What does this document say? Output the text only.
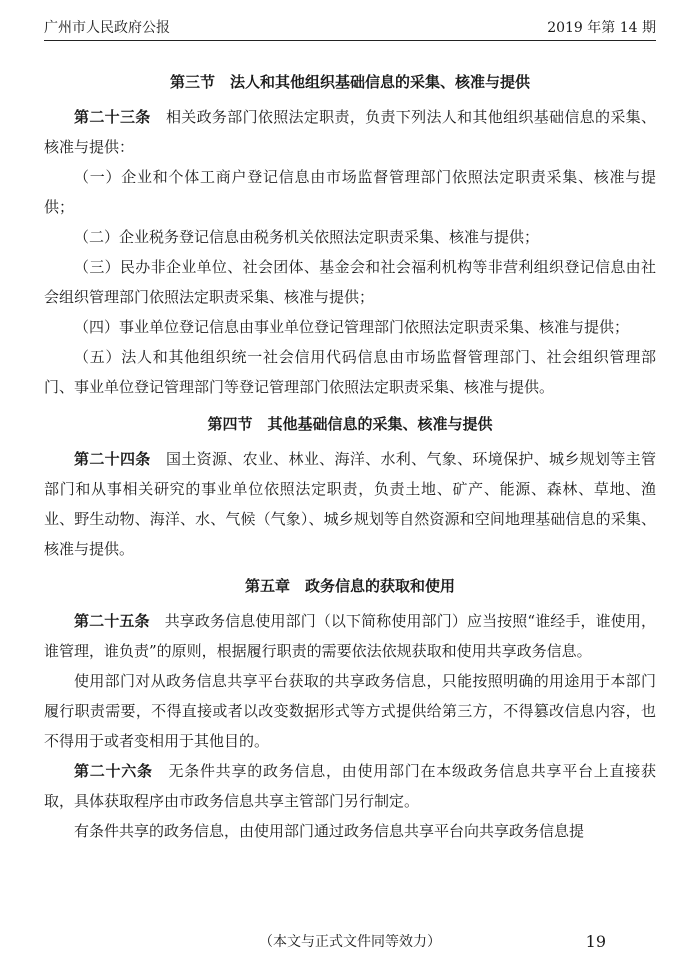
广州市人民政府公报	2019 年第 14 期
第三节　法人和其他组织基础信息的采集、核准与提供

第二十三条　相关政务部门依照法定职责，负责下列法人和其他组织基础信息的采集、核准与提供：

（一）企业和个体工商户登记信息由市场监督管理部门依照法定职责采集、核准与提供；

（二）企业税务登记信息由税务机关依照法定职责采集、核准与提供；

（三）民办非企业单位、社会团体、基金会和社会福利机构等非营利组织登记信息由社会组织管理部门依照法定职责采集、核准与提供；

（四）事业单位登记信息由事业单位登记管理部门依照法定职责采集、核准与提供；

（五）法人和其他组织统一社会信用代码信息由市场监督管理部门、社会组织管理部门、事业单位登记管理部门等登记管理部门依照法定职责采集、核准与提供。

第四节　其他基础信息的采集、核准与提供

第二十四条　国土资源、农业、林业、海洋、水利、气象、环境保护、城乡规划等主管部门和从事相关研究的事业单位依照法定职责，负责土地、矿产、能源、森林、草地、渔业、野生动物、海洋、水、气候（气象）、城乡规划等自然资源和空间地理基础信息的采集、核准与提供。

第五章　政务信息的获取和使用

第二十五条　共享政务信息使用部门（以下简称使用部门）应当按照“谁经手，谁使用，谁管理，谁负责”的原则，根据履行职责的需要依法依规获取和使用共享政务信息。

使用部门对从政务信息共享平台获取的共享政务信息，只能按照明确的用途用于本部门履行职责需要，不得直接或者以改变数据形式等方式提供给第三方，不得篡改信息内容，也不得用于或者变相用于其他目的。

第二十六条　无条件共享的政务信息，由使用部门在本级政务信息共享平台上直接获取，具体获取程序由市政务信息共享主管部门另行制定。

有条件共享的政务信息，由使用部门通过政务信息共享平台向共享政务信息提

（本文与正式文件同等效力）	19
